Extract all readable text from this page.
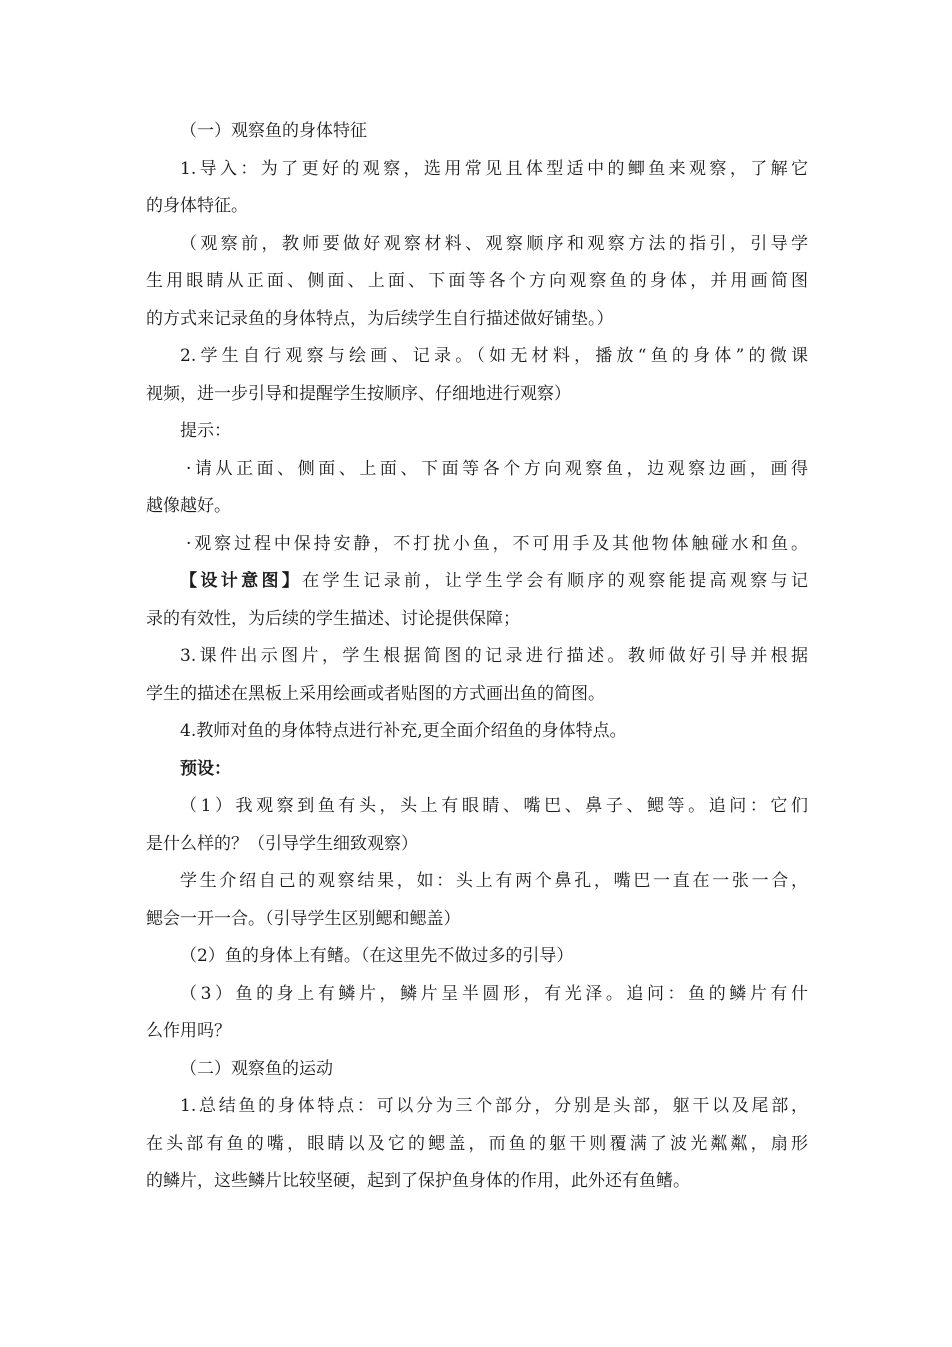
（一）观察鱼的身体特征

1.导入：为了更好的观察，选用常见且体型适中的鲫鱼来观察，了解它

的身体特征。

（观察前，教师要做好观察材料、观察顺序和观察方法的指引，引导学

生用眼睛从正面、侧面、上面、下面等各个方向观察鱼的身体，并用画简图

的方式来记录鱼的身体特点，为后续学生自行描述做好铺垫。）

2.学生自行观察与绘画、记录。（如无材料，播放“鱼的身体”的微课

视频，进一步引导和提醒学生按顺序、仔细地进行观察）

提示：

·请从正面、侧面、上面、下面等各个方向观察鱼，边观察边画，画得

越像越好。

·观察过程中保持安静，不打扰小鱼，不可用手及其他物体触碰水和鱼。

【设计意图】在学生记录前，让学生学会有顺序的观察能提高观察与记

录的有效性，为后续的学生描述、讨论提供保障；

3.课件出示图片，学生根据简图的记录进行描述。教师做好引导并根据

学生的描述在黑板上采用绘画或者贴图的方式画出鱼的简图。

4.教师对鱼的身体特点进行补充,更全面介绍鱼的身体特点。

预设：

（1）我观察到鱼有头，头上有眼睛、嘴巴、鼻子、鳃等。追问：它们

是什么样的？（引导学生细致观察）

学生介绍自己的观察结果，如：头上有两个鼻孔，嘴巴一直在一张一合，

鳃会一开一合。（引导学生区别鳃和鳃盖）

（2）鱼的身体上有鳍。（在这里先不做过多的引导）

（3）鱼的身上有鳞片，鳞片呈半圆形，有光泽。追问：鱼的鳞片有什

么作用吗？

（二）观察鱼的运动

1.总结鱼的身体特点：可以分为三个部分，分别是头部，躯干以及尾部，

在头部有鱼的嘴，眼睛以及它的鳃盖，而鱼的躯干则覆满了波光粼粼，扇形

的鳞片，这些鳞片比较坚硬，起到了保护鱼身体的作用，此外还有鱼鳍。
